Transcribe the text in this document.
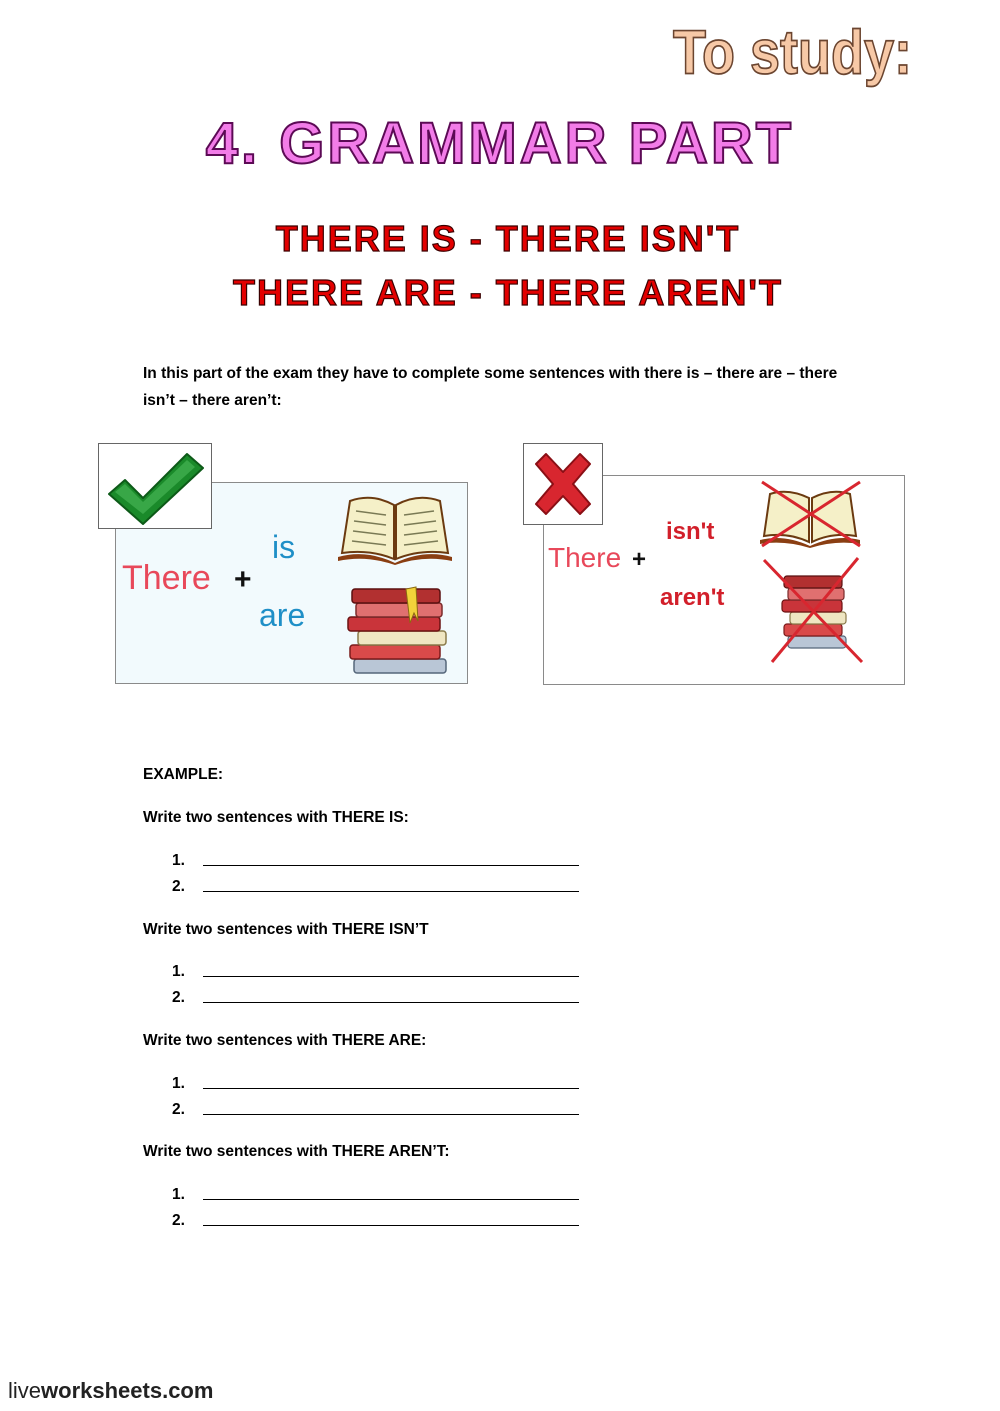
To study:
4. GRAMMAR PART
THERE IS - THERE ISN'T
THERE ARE - THERE AREN'T
In this part of the exam they have to complete some sentences with there is – there are – there isn’t – there aren’t:
There +
is
are
There +
isn't
aren't
EXAMPLE:
Write two sentences with THERE IS:
1.
2.
Write two sentences with THERE ISN’T
1.
2.
Write two sentences with THERE ARE:
1.
2.
Write two sentences with THERE AREN’T:
1.
2.
liveworksheets.com
